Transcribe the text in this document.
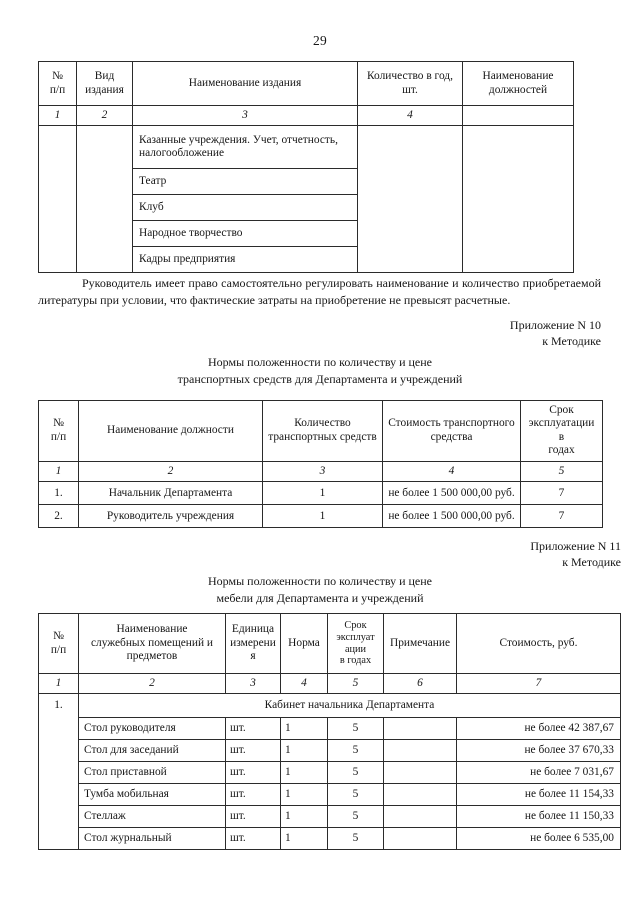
29
№
п/п

Вид
издания

Наименование издания

Количество в год,
шт.

Наименование
должностей

1	2	3	4	
		Казанные учреждения. Учет, отчетность, налогообложение		
		Театр		
		Клуб		
		Народное творчество		
		Кадры предприятия		
Руководитель имеет право самостоятельно регулировать наименование и количество приобретаемой литературы при условии, что фактические затраты на приобретение не превысят расчетные.
Приложение N 10
к Методике
Нормы положенности по количеству и цене
транспортных средств для Департамента и учреждений
№
п/п

Наименование должности

Количество
транспортных средств

Стоимость транспортного
средства

Срок
эксплуатации в
годах

1	2	3	4	5
1.	Начальник Департамента	1	не более 1 500 000,00 руб.	7
2.	Руководитель учреждения	1	не более 1 500 000,00 руб.	7
Приложение N 11
к Методике
Нормы положенности по количеству и цене
мебели для Департамента и учреждений
№
п/п

Наименование
служебных помещений и
предметов

Единица
измерения

Норма

Срок
эксплуат
ации
в годах

Примечание	Стоимость, руб.

1	2	3	4	5	6	7
1.	Кабинет начальника Департамента					
	Стол руководителя	шт.	1	5		не более 42 387,67
	Стол для заседаний	шт.	1	5		не более 37 670,33
	Стол приставной	шт.	1	5		не более 7 031,67
	Тумба мобильная	шт.	1	5		не более 11 154,33
	Стеллаж	шт.	1	5		не более 11 150,33
	Стол журнальный	шт.	1	5		не более 6 535,00
